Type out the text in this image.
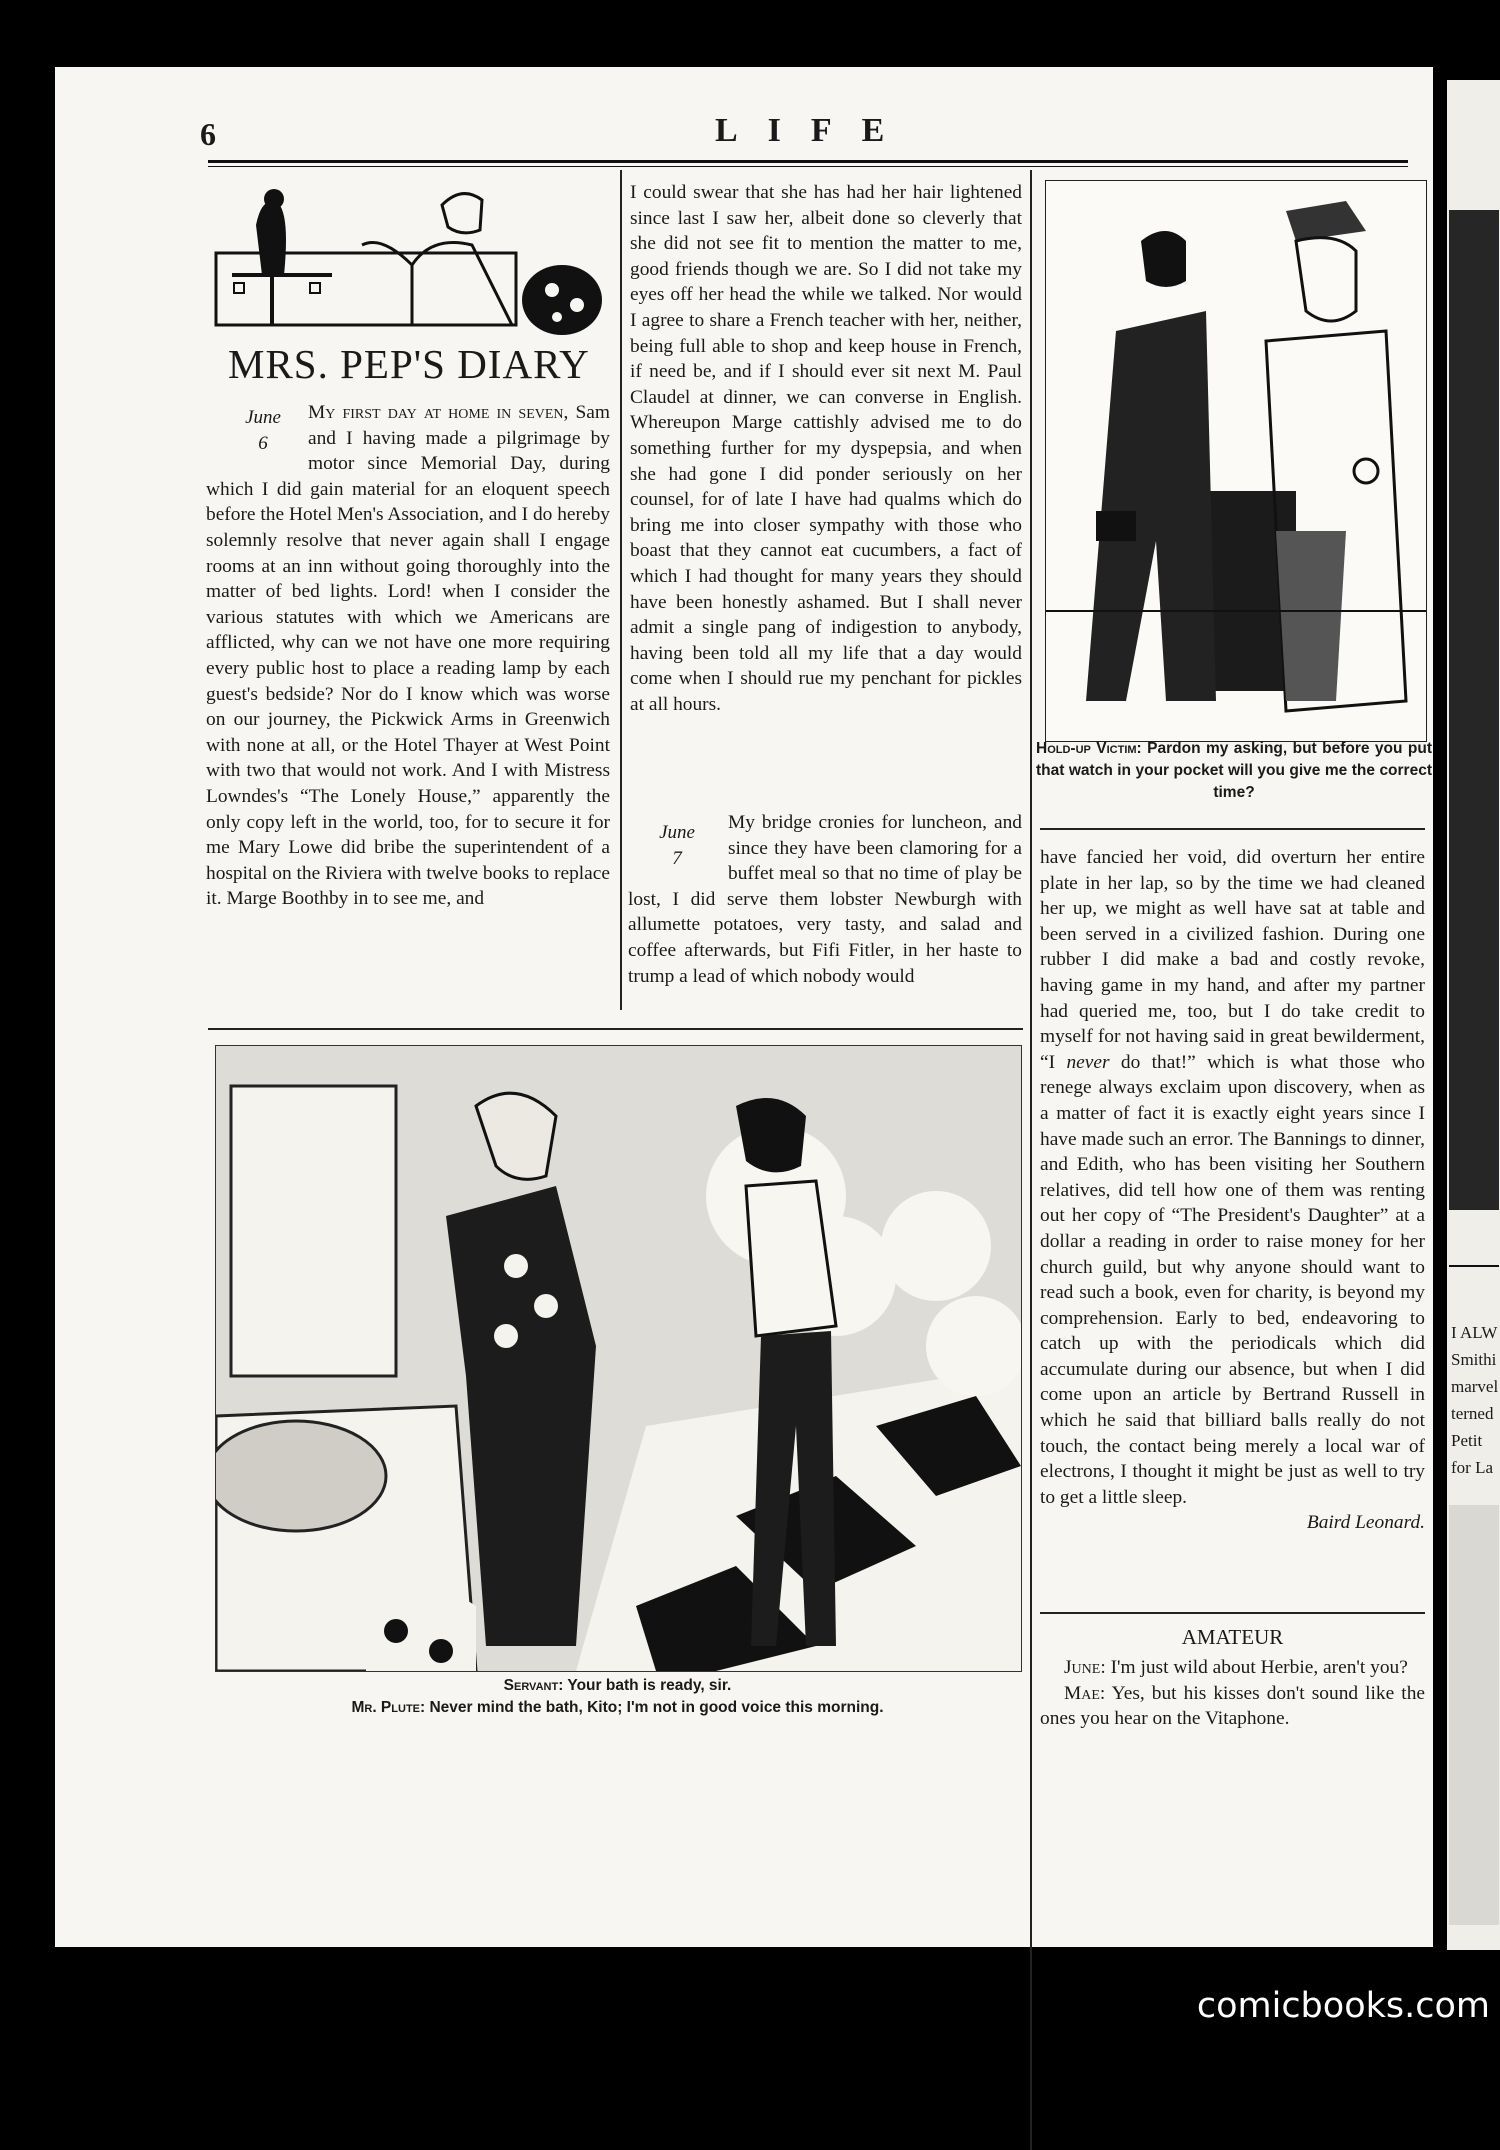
I ALW
Smithi
marvel
terned
Petit
for La
6	LIFE
MRS. PEP'S DIARY
June
6
My first day at home in seven, Sam and I having made a pilgrimage by motor since Memorial Day, during which I did gain material for an eloquent speech before the Hotel Men's Association, and I do hereby solemnly resolve that never again shall I engage rooms at an inn without going thoroughly into the matter of bed lights. Lord! when I consider the various statutes with which we Americans are afflicted, why can we not have one more requiring every public host to place a reading lamp by each guest's bedside? Nor do I know which was worse on our journey, the Pickwick Arms in Greenwich with none at all, or the Hotel Thayer at West Point with two that would not work. And I with Mistress Lowndes's “The Lonely House,” apparently the only copy left in the world, too, for to secure it for me Mary Lowe did bribe the superintendent of a hospital on the Riviera with twelve books to replace it. Marge Boothby in to see me, and
I could swear that she has had her hair lightened since last I saw her, albeit done so cleverly that she did not see fit to mention the matter to me, good friends though we are. So I did not take my eyes off her head the while we talked. Nor would I agree to share a French teacher with her, neither, being full able to shop and keep house in French, if need be, and if I should ever sit next M. Paul Claudel at dinner, we can converse in English. Whereupon Marge cattishly advised me to do something further for my dyspepsia, and when she had gone I did ponder seriously on her counsel, for of late I have had qualms which do bring me into closer sympathy with those who boast that they cannot eat cucumbers, a fact of which I had thought for many years they should have been honestly ashamed. But I shall never admit a single pang of indigestion to anybody, having been told all my life that a day would come when I should rue my penchant for pickles at all hours.
June
7
My bridge cronies for luncheon, and since they have been clamoring for a buffet meal so that no time of play be lost, I did serve them lobster Newburgh with allumette potatoes, very tasty, and salad and coffee afterwards, but Fifi Fitler, in her haste to trump a lead of which nobody would
Hold-up Victim: Pardon my asking, but before you put that watch in your pocket will you give me the correct time?
have fancied her void, did overturn her entire plate in her lap, so by the time we had cleaned her up, we might as well have sat at table and been served in a civilized fashion. During one rubber I did make a bad and costly revoke, having game in my hand, and after my partner had queried me, too, but I do take credit to myself for not having said in great bewilderment, “I never do that!” which is what those who renege always exclaim upon discovery, when as a matter of fact it is exactly eight years since I have made such an error. The Bannings to dinner, and Edith, who has been visiting her Southern relatives, did tell how one of them was renting out her copy of “The President's Daughter” at a dollar a reading in order to raise money for her church guild, but why anyone should want to read such a book, even for charity, is beyond my comprehension. Early to bed, endeavoring to catch up with the periodicals which did accumulate during our absence, but when I did come upon an article by Bertrand Russell in which he said that billiard balls really do not touch, the contact being merely a local war of electrons, I thought it might be just as well to try to get a little sleep.
Baird Leonard.
AMATEUR
June: I'm just wild about Herbie, aren't you?
Mae: Yes, but his kisses don't sound like the ones you hear on the Vitaphone.
Servant: Your bath is ready, sir.
Mr. Plute: Never mind the bath, Kito; I'm not in good voice this morning.
comicbooks.com
